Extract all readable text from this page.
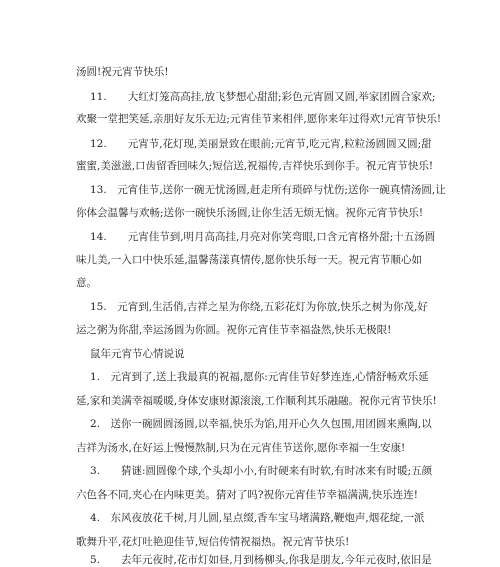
汤圆!祝元宵节快乐!
11.　　大红灯笼高高挂,放飞梦想心甜甜;彩色元宵圆又圆,举家团圆合家欢;
欢聚一堂把笑延,亲朋好友乐无边;元宵佳节来相伴,愿你来年过得欢!元宵节快乐!
12.　　元宵节,花灯现,美丽景致在眼前;元宵节,吃元宵,粒粒汤圆圆又圆;甜
蜜蜜,美滋滋,口齿留香回味久;短信送,祝福传,吉祥快乐到你手。祝元宵节快乐!
13.　元宵佳节,送你一碗无忧汤圆,赶走所有琐碎与忧伤;送你一碗真情汤圆,让
你体会温馨与欢畅;送你一碗快乐汤圆,让你生活无烦无恼。祝你元宵节快乐!
14.　　元宵佳节到,明月高高挂,月亮对你笑弯眼,口含元宵格外甜;十五汤圆
味儿美,一入口中快乐延,温馨荡漾真情传,愿你快乐每一天。祝元宵节顺心如
意。
15.　元宵到,生活俏,吉祥之星为你绕,五彩花灯为你放,快乐之树为你茂,好
运之粥为你甜,幸运汤圆为你圆。祝你元宵佳节幸福盎然,快乐无极限!
鼠年元宵节心情说说
1.　元宵到了,送上我最真的祝福,愿你:元宵佳节好梦连连,心情舒畅欢乐延
延,家和美满幸福暖暖,身体安康财源滚滚,工作顺利其乐融融。祝你元宵节快乐!
2.　送你一碗圆圆汤圆,以幸福,快乐为馅,用开心久久包围,用团圆来熏陶,以
吉祥为汤水,在好运上慢慢熬制,只为在元宵佳节送你,愿你幸福一生安康!
3.　　猜谜:圆圆像个球,个头却小小,有时硬来有时软,有时冰来有时暖;五颜
六色各不同,夹心在内味更美。猜对了吗?祝你元宵佳节幸福满满,快乐连连!
4.　东风夜放花千树,月儿圆,星点缀,香车宝马堵满路,鞭炮声,烟花绽,一派
歌舞升平,花灯吐艳迎佳节,短信传情祝福热。祝元宵节快乐!
5.　　去年元夜时,花市灯如昼,月到杨柳头,你我是朋友,今年元夜时,依旧是
